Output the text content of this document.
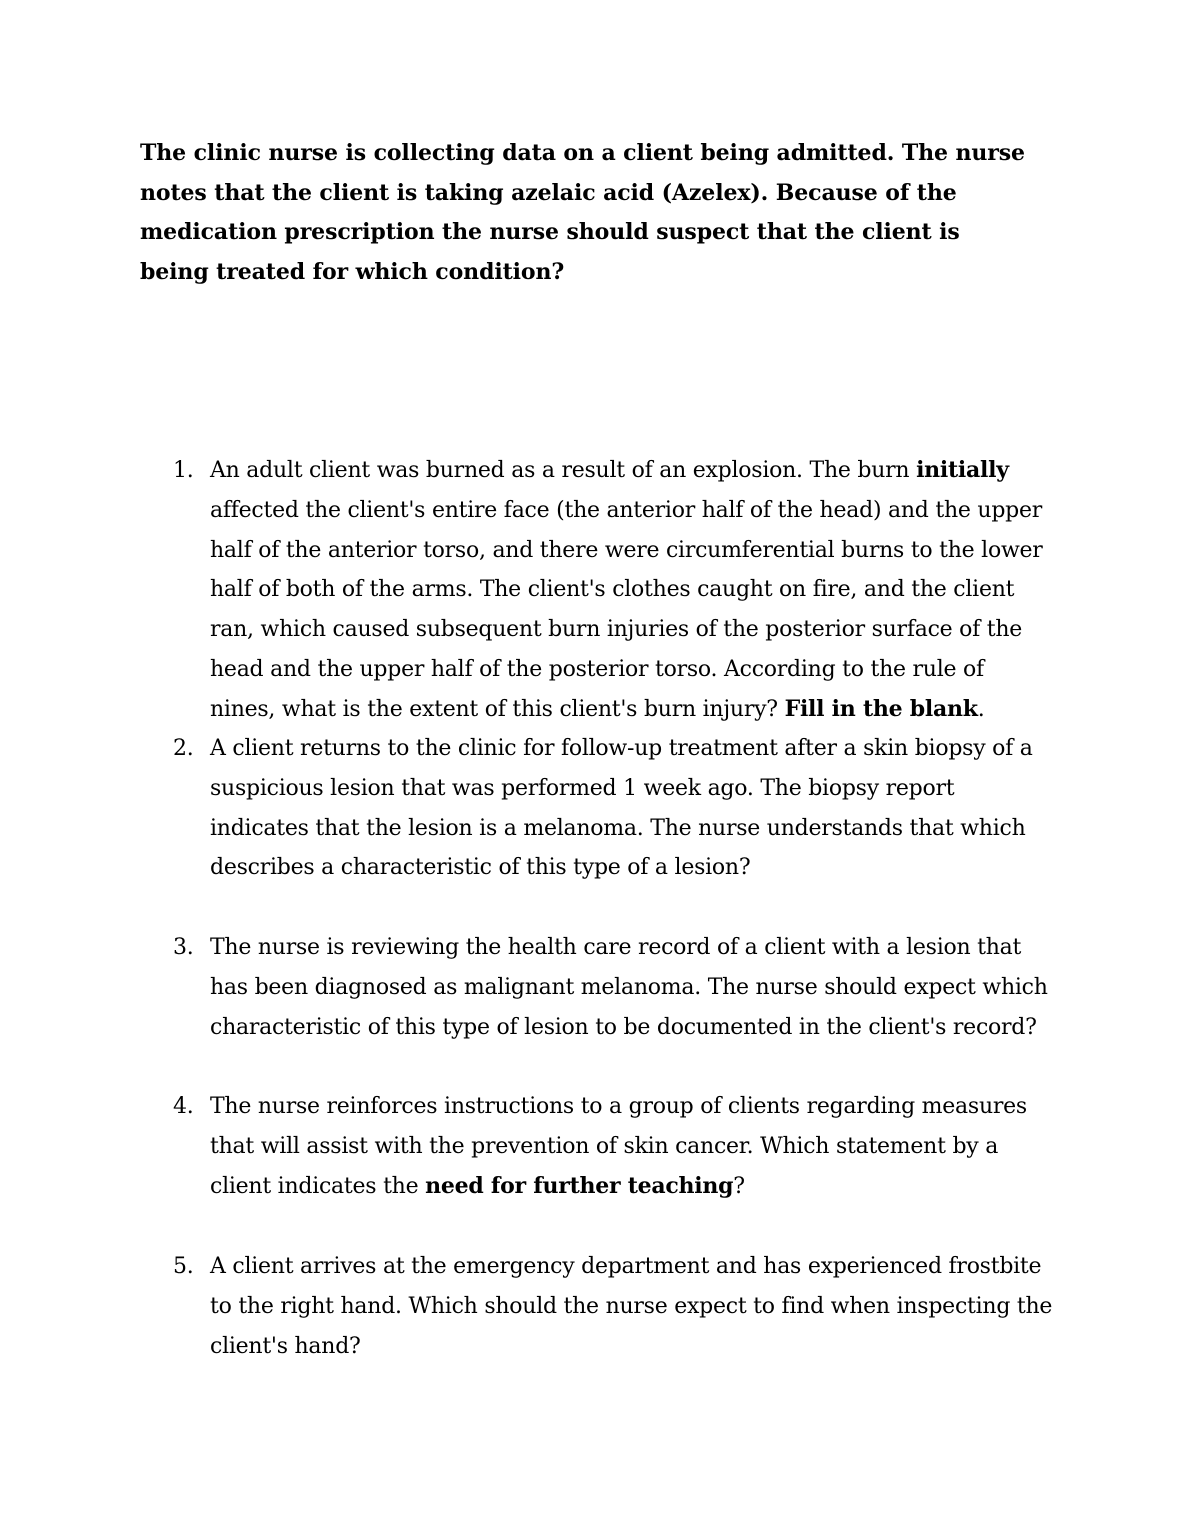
The clinic nurse is collecting data on a client being admitted. The nurse notes that the client is taking azelaic acid (Azelex). Because of the medication prescription the nurse should suspect that the client is being treated for which condition?

1. An adult client was burned as a result of an explosion. The burn initially affected the client's entire face (the anterior half of the head) and the upper half of the anterior torso, and there were circumferential burns to the lower half of both of the arms. The client's clothes caught on fire, and the client ran, which caused subsequent burn injuries of the posterior surface of the head and the upper half of the posterior torso. According to the rule of nines, what is the extent of this client's burn injury? Fill in the blank.
2. A client returns to the clinic for follow-up treatment after a skin biopsy of a suspicious lesion that was performed 1 week ago. The biopsy report indicates that the lesion is a melanoma. The nurse understands that which describes a characteristic of this type of a lesion?
3. The nurse is reviewing the health care record of a client with a lesion that has been diagnosed as malignant melanoma. The nurse should expect which characteristic of this type of lesion to be documented in the client's record?
4. The nurse reinforces instructions to a group of clients regarding measures that will assist with the prevention of skin cancer. Which statement by a client indicates the need for further teaching?
5. A client arrives at the emergency department and has experienced frostbite to the right hand. Which should the nurse expect to find when inspecting the client's hand?
